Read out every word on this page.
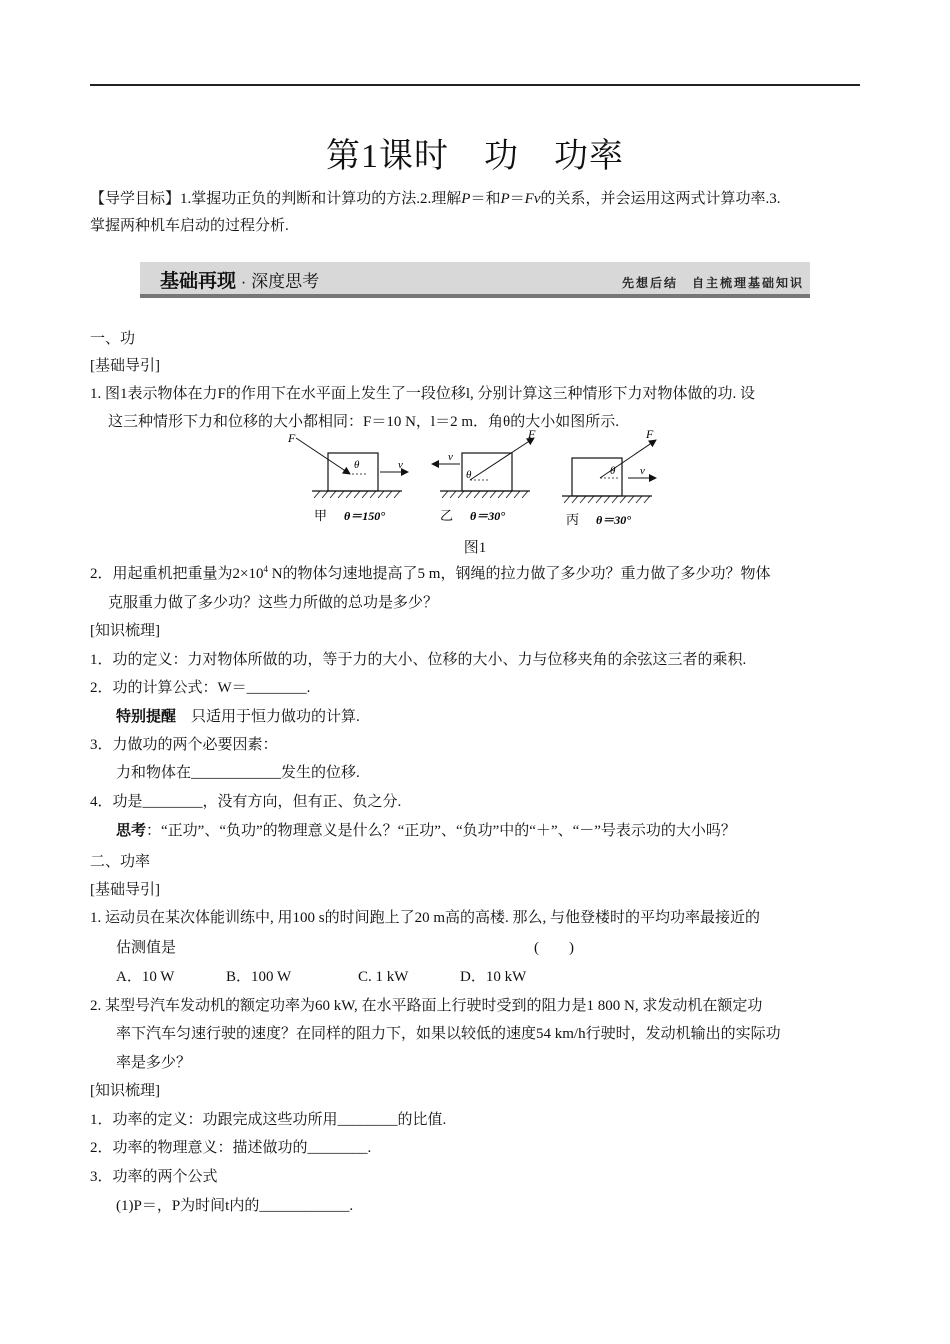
第1课时　功　功率
【导学目标】1.掌握功正负的判断和计算功的方法.2.理解P＝和P＝Fv的关系，并会运用这两式计算功率.3.
掌握两种机车启动的过程分析.
基础再现 · 深度思考	先想后结　自主梳理基础知识
一、功
[基础导引]
1. 图1表示物体在力F的作用下在水平面上发生了一段位移l, 分别计算这三种情形下力对物体做的功. 设
这三种情形下力和位移的大小都相同：F＝10 N，l＝2 m．角θ的大小如图所示.
F
θ	v
甲 θ＝150°
F
θ
v
乙 θ＝30°
F
θ v
丙 θ＝30°
图1
2．用起重机把重量为$2\times 10^4$ N的物体匀速地提高了5 m，钢绳的拉力做了多少功？重力做了多少功？物体
克服重力做了多少功？这些力所做的总功是多少？
[知识梳理]
1．功的定义：力对物体所做的功，等于力的大小、位移的大小、力与位移夹角的余弦这三者的乘积.
2．功的计算公式：W＝________.
特别提醒　只适用于恒力做功的计算.
3．力做功的两个必要因素：
力和物体在____________发生的位移.
4．功是________，没有方向，但有正、负之分.
思考：“正功”、“负功”的物理意义是什么？“正功”、“负功”中的“＋”、“－”号表示功的大小吗？
二、功率
[基础导引]
1. 运动员在某次体能训练中, 用100 s的时间跑上了20 m高的高楼. 那么, 与他登楼时的平均功率最接近的
估测值是	(　　)
A．10 W	B．100 W	C. 1 kW	D．10 kW
2. 某型号汽车发动机的额定功率为60 kW, 在水平路面上行驶时受到的阻力是1 800 N, 求发动机在额定功
率下汽车匀速行驶的速度？在同样的阻力下，如果以较低的速度54 km/h行驶时，发动机输出的实际功
率是多少？
[知识梳理]
1．功率的定义：功跟完成这些功所用________的比值.
2．功率的物理意义：描述做功的________.
3．功率的两个公式
(1)P＝，P为时间t内的____________.
